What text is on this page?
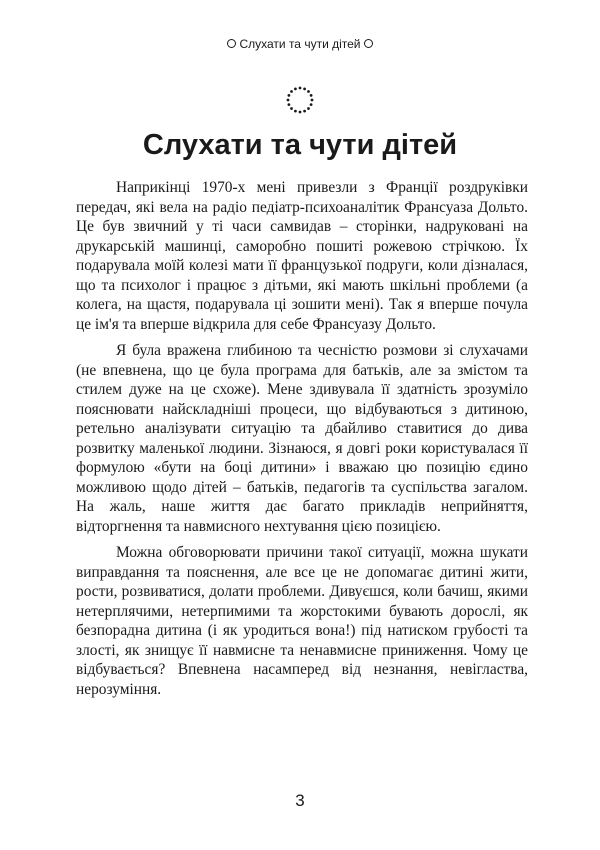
Слухати та чути дітей
Слухати та чути дітей

Наприкінці 1970-х мені привезли з Франції роздруківки передач, які вела на радіо педіатр-психоаналітик Франсуаза Дольто. Це був звичний у ті часи самвидав – сторінки, надруковані на друкарській машинці, саморобно пошиті рожевою стрічкою. Їх подарувала моїй колезі мати її французької подруги, коли дізналася, що та психолог і працює з дітьми, які мають шкільні проблеми (а колега, на щастя, подарувала ці зошити мені). Так я вперше почула це ім'я та вперше відкрила для себе Франсуазу Дольто.

Я була вражена глибиною та чесністю розмови зі слухачами (не впевнена, що це була програма для батьків, але за змістом та стилем дуже на це схоже). Мене здивувала її здатність зрозуміло пояснювати найскладніші процеси, що відбуваються з дитиною, ретельно аналізувати ситуацію та дбайливо ставитися до дива розвитку маленької людини. Зізнаюся, я довгі роки користувалася її формулою «бути на боці дитини» і вважаю цю позицію єдино можливою щодо дітей – батьків, педагогів та суспільства загалом. На жаль, наше життя дає багато прикладів неприйняття, відторгнення та навмисного нехтування цією позицією.

Можна обговорювати причини такої ситуації, можна шукати виправдання та пояснення, але все це не допомагає дитині жити, рости, розвиватися, долати проблеми. Дивуєшся, коли бачиш, якими нетерплячими, нетерпимими та жорстокими бувають дорослі, як безпорадна дитина (і як уродиться вона!) під натиском грубості та злості, як знищує її навмисне та ненавмисне приниження. Чому це відбувається? Впевнена насамперед від незнання, невігластва, нерозуміння.

3
